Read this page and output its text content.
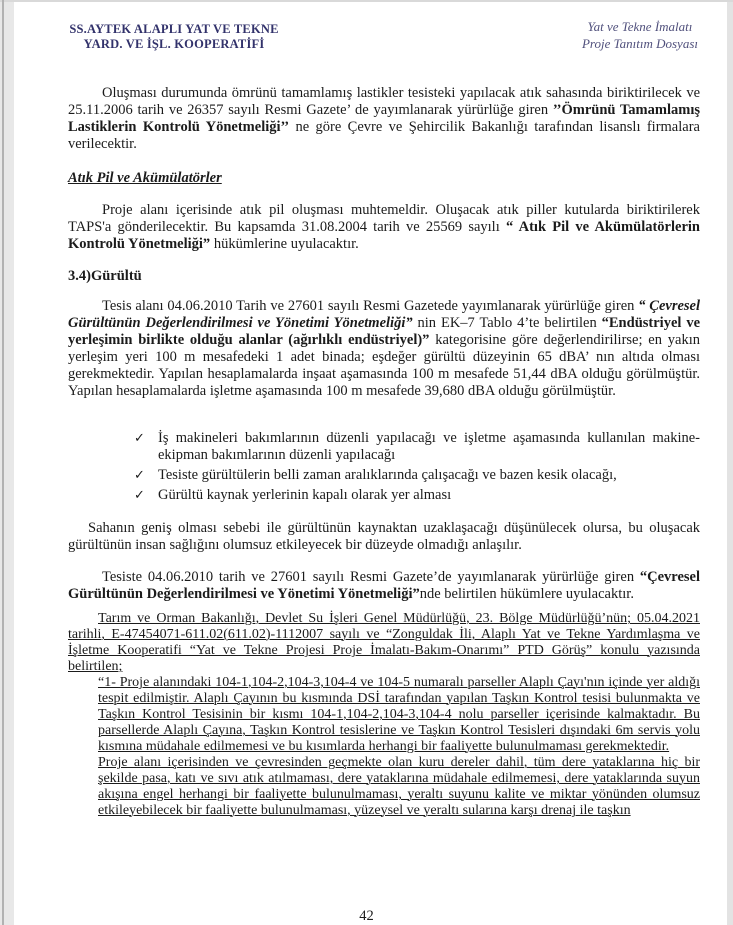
SS.AYTEK ALAPLI YAT VE TEKNE
YARD. VE İŞL. KOOPERATİFİ
Yat ve Tekne İmalatı
Proje Tanıtım Dosyası

Oluşması durumunda ömrünü tamamlamış lastikler tesisteki yapılacak atık sahasında biriktirilecek ve 25.11.2006 tarih ve 26357 sayılı Resmi Gazete’ de yayımlanarak yürürlüğe giren ’’Ömrünü Tamamlamış Lastiklerin Kontrolü Yönetmeliği’’ ne göre Çevre ve Şehircilik Bakanlığı tarafından lisanslı firmalara verilecektir.

Atık Pil ve Akümülatörler

Proje alanı içerisinde atık pil oluşması muhtemeldir. Oluşacak atık piller kutularda biriktirilerek TAPS'a gönderilecektir. Bu kapsamda 31.08.2004 tarih ve 25569 sayılı “ Atık Pil ve Akümülatörlerin Kontrolü Yönetmeliği” hükümlerine uyulacaktır.

3.4)Gürültü

Tesis alanı 04.06.2010 Tarih ve 27601 sayılı Resmi Gazetede yayımlanarak yürürlüğe giren “ Çevresel Gürültünün Değerlendirilmesi ve Yönetimi Yönetmeliği” nin EK–7 Tablo 4’te belirtilen “Endüstriyel ve yerleşimin birlikte olduğu alanlar (ağırlıklı endüstriyel)” kategorisine göre değerlendirilirse; en yakın yerleşim yeri 100 m mesafedeki 1 adet binada; eşdeğer gürültü düzeyinin 65 dBA’ nın altıda olması gerekmektedir. Yapılan hesaplamalarda inşaat aşamasında 100 m mesafede 51,44 dBA olduğu görülmüştür. Yapılan hesaplamalarda işletme aşamasında 100 m mesafede 39,680 dBA olduğu görülmüştür.

✓ İş makineleri bakımlarının düzenli yapılacağı ve işletme aşamasında kullanılan makine-ekipman bakımlarının düzenli yapılacağı
✓ Tesiste gürültülerin belli zaman aralıklarında çalışacağı ve bazen kesik olacağı,
✓ Gürültü kaynak yerlerinin kapalı olarak yer alması

Sahanın geniş olması sebebi ile gürültünün kaynaktan uzaklaşacağı düşünülecek olursa, bu oluşacak gürültünün insan sağlığını olumsuz etkileyecek bir düzeyde olmadığı anlaşılır.

Tesiste 04.06.2010 tarih ve 27601 sayılı Resmi Gazete’de yayımlanarak yürürlüğe giren “Çevresel Gürültünün Değerlendirilmesi ve Yönetimi Yönetmeliği”nde belirtilen hükümlere uyulacaktır.

Tarım ve Orman Bakanlığı, Devlet Su İşleri Genel Müdürlüğü, 23. Bölge Müdürlüğü’nün; 05.04.2021 tarihli, E-47454071-611.02(611.02)-1112007 sayılı ve “Zonguldak İli, Alaplı Yat ve Tekne Yardımlaşma ve İşletme Kooperatifi “Yat ve Tekne Projesi Proje İmalatı-Bakım-Onarımı” PTD Görüş” konulu yazısında belirtilen;

“1- Proje alanındaki 104-1,104-2,104-3,104-4 ve 104-5 numaralı parseller Alaplı Çayı'nın içinde yer aldığı tespit edilmiştir. Alaplı Çayının bu kısmında DSİ tarafından yapılan Taşkın Kontrol tesisi bulunmakta ve Taşkın Kontrol Tesisinin bir kısmı 104-1,104-2,104-3,104-4 nolu parseller içerisinde kalmaktadır. Bu parsellerde Alaplı Çayına, Taşkın Kontrol tesislerine ve Taşkın Kontrol Tesisleri dışındaki 6m servis yolu kısmına müdahale edilmemesi ve bu kısımlarda herhangi bir faaliyette bulunulmaması gerekmektedir.

Proje alanı içerisinden ve çevresinden geçmekte olan kuru dereler dahil, tüm dere yataklarına hiç bir şekilde pasa, katı ve sıvı atık atılmaması, dere yataklarına müdahale edilmemesi, dere yataklarında suyun akışına engel herhangi bir faaliyette bulunulmaması, yeraltı suyunu kalite ve miktar yönünden olumsuz etkileyebilecek bir faaliyette bulunulmaması, yüzeysel ve yeraltı sularına karşı drenaj ile taşkın

42
